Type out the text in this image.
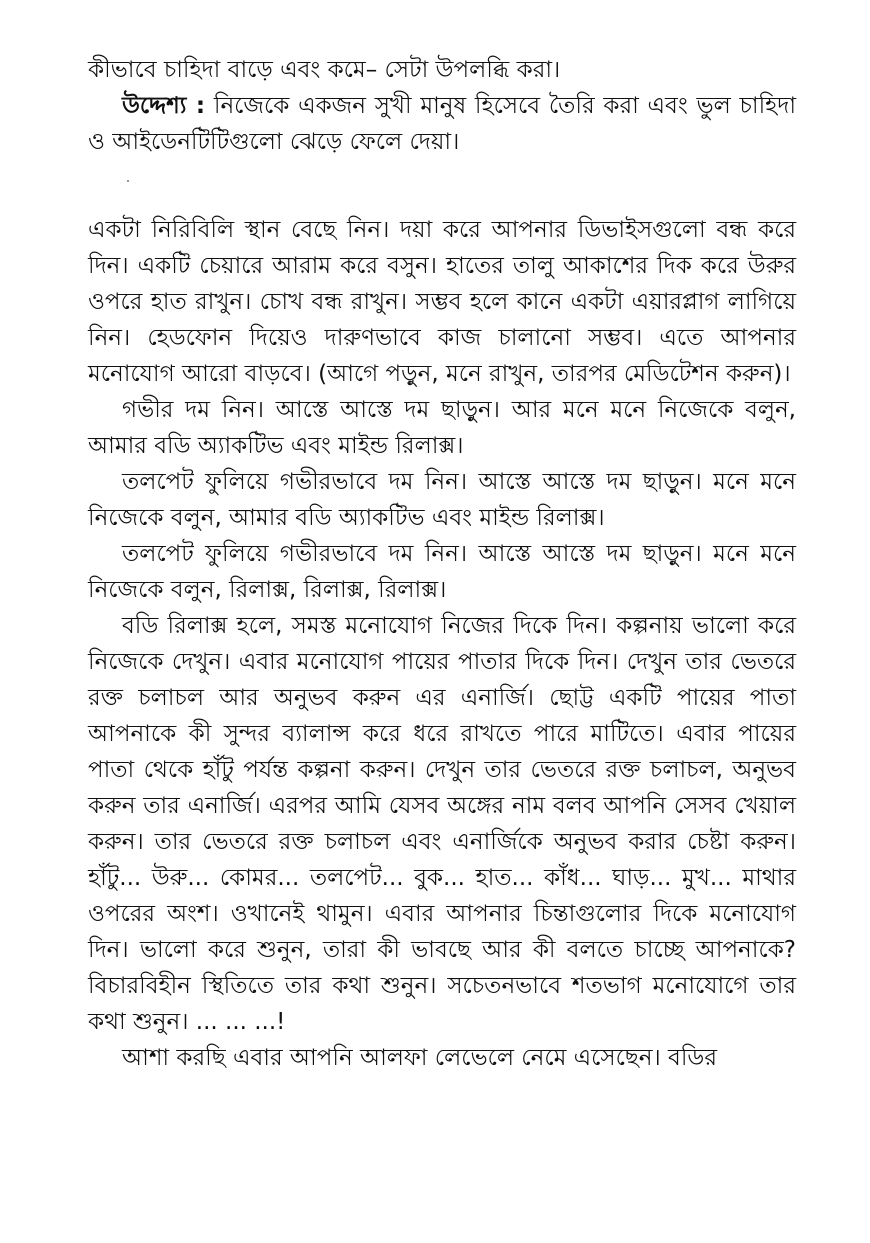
কীভাবে চাহিদা বাড়ে এবং কমে– সেটা উপলব্ধি করা।

উদ্দেশ্য : নিজেকে একজন সুখী মানুষ হিসেবে তৈরি করা এবং ভুল চাহিদা ও আইডেনটিটিগুলো ঝেড়ে ফেলে দেয়া।

একটা নিরিবিলি স্থান বেছে নিন। দয়া করে আপনার ডিভাইসগুলো বন্ধ করে দিন। একটি চেয়ারে আরাম করে বসুন। হাতের তালু আকাশের দিক করে উরুর ওপরে হাত রাখুন। চোখ বন্ধ রাখুন। সম্ভব হলে কানে একটা এয়ারপ্লাগ লাগিয়ে নিন। হেডফোন দিয়েও দারুণভাবে কাজ চালানো সম্ভব। এতে আপনার মনোযোগ আরো বাড়বে। (আগে পড়ুন, মনে রাখুন, তারপর মেডিটেশন করুন)।

গভীর দম নিন। আস্তে আস্তে দম ছাড়ুন। আর মনে মনে নিজেকে বলুন, আমার বডি অ্যাকটিভ এবং মাইন্ড রিলাক্স।

তলপেট ফুলিয়ে গভীরভাবে দম নিন। আস্তে আস্তে দম ছাড়ুন। মনে মনে নিজেকে বলুন, আমার বডি অ্যাকটিভ এবং মাইন্ড রিলাক্স।

তলপেট ফুলিয়ে গভীরভাবে দম নিন। আস্তে আস্তে দম ছাড়ুন। মনে মনে নিজেকে বলুন, রিলাক্স, রিলাক্স, রিলাক্স।

বডি রিলাক্স হলে, সমস্ত মনোযোগ নিজের দিকে দিন। কল্পনায় ভালো করে নিজেকে দেখুন। এবার মনোযোগ পায়ের পাতার দিকে দিন। দেখুন তার ভেতরে রক্ত চলাচল আর অনুভব করুন এর এনার্জি। ছোট্ট একটি পায়ের পাতা আপনাকে কী সুন্দর ব্যালান্স করে ধরে রাখতে পারে মাটিতে। এবার পায়ের পাতা থেকে হাঁটু পর্যন্ত কল্পনা করুন। দেখুন তার ভেতরে রক্ত চলাচল, অনুভব করুন তার এনার্জি। এরপর আমি যেসব অঙ্গের নাম বলব আপনি সেসব খেয়াল করুন। তার ভেতরে রক্ত চলাচল এবং এনার্জিকে অনুভব করার চেষ্টা করুন। হাঁটু... উরু... কোমর... তলপেট... বুক... হাত... কাঁধ... ঘাড়... মুখ... মাথার ওপরের অংশ। ওখানেই থামুন। এবার আপনার চিন্তাগুলোর দিকে মনোযোগ দিন। ভালো করে শুনুন, তারা কী ভাবছে আর কী বলতে চাচ্ছে আপনাকে? বিচারবিহীন স্থিতিতে তার কথা শুনুন। সচেতনভাবে শতভাগ মনোযোগে তার কথা শুনুন। ... ... ...!

আশা করছি এবার আপনি আলফা লেভেলে নেমে এসেছেন। বডির
